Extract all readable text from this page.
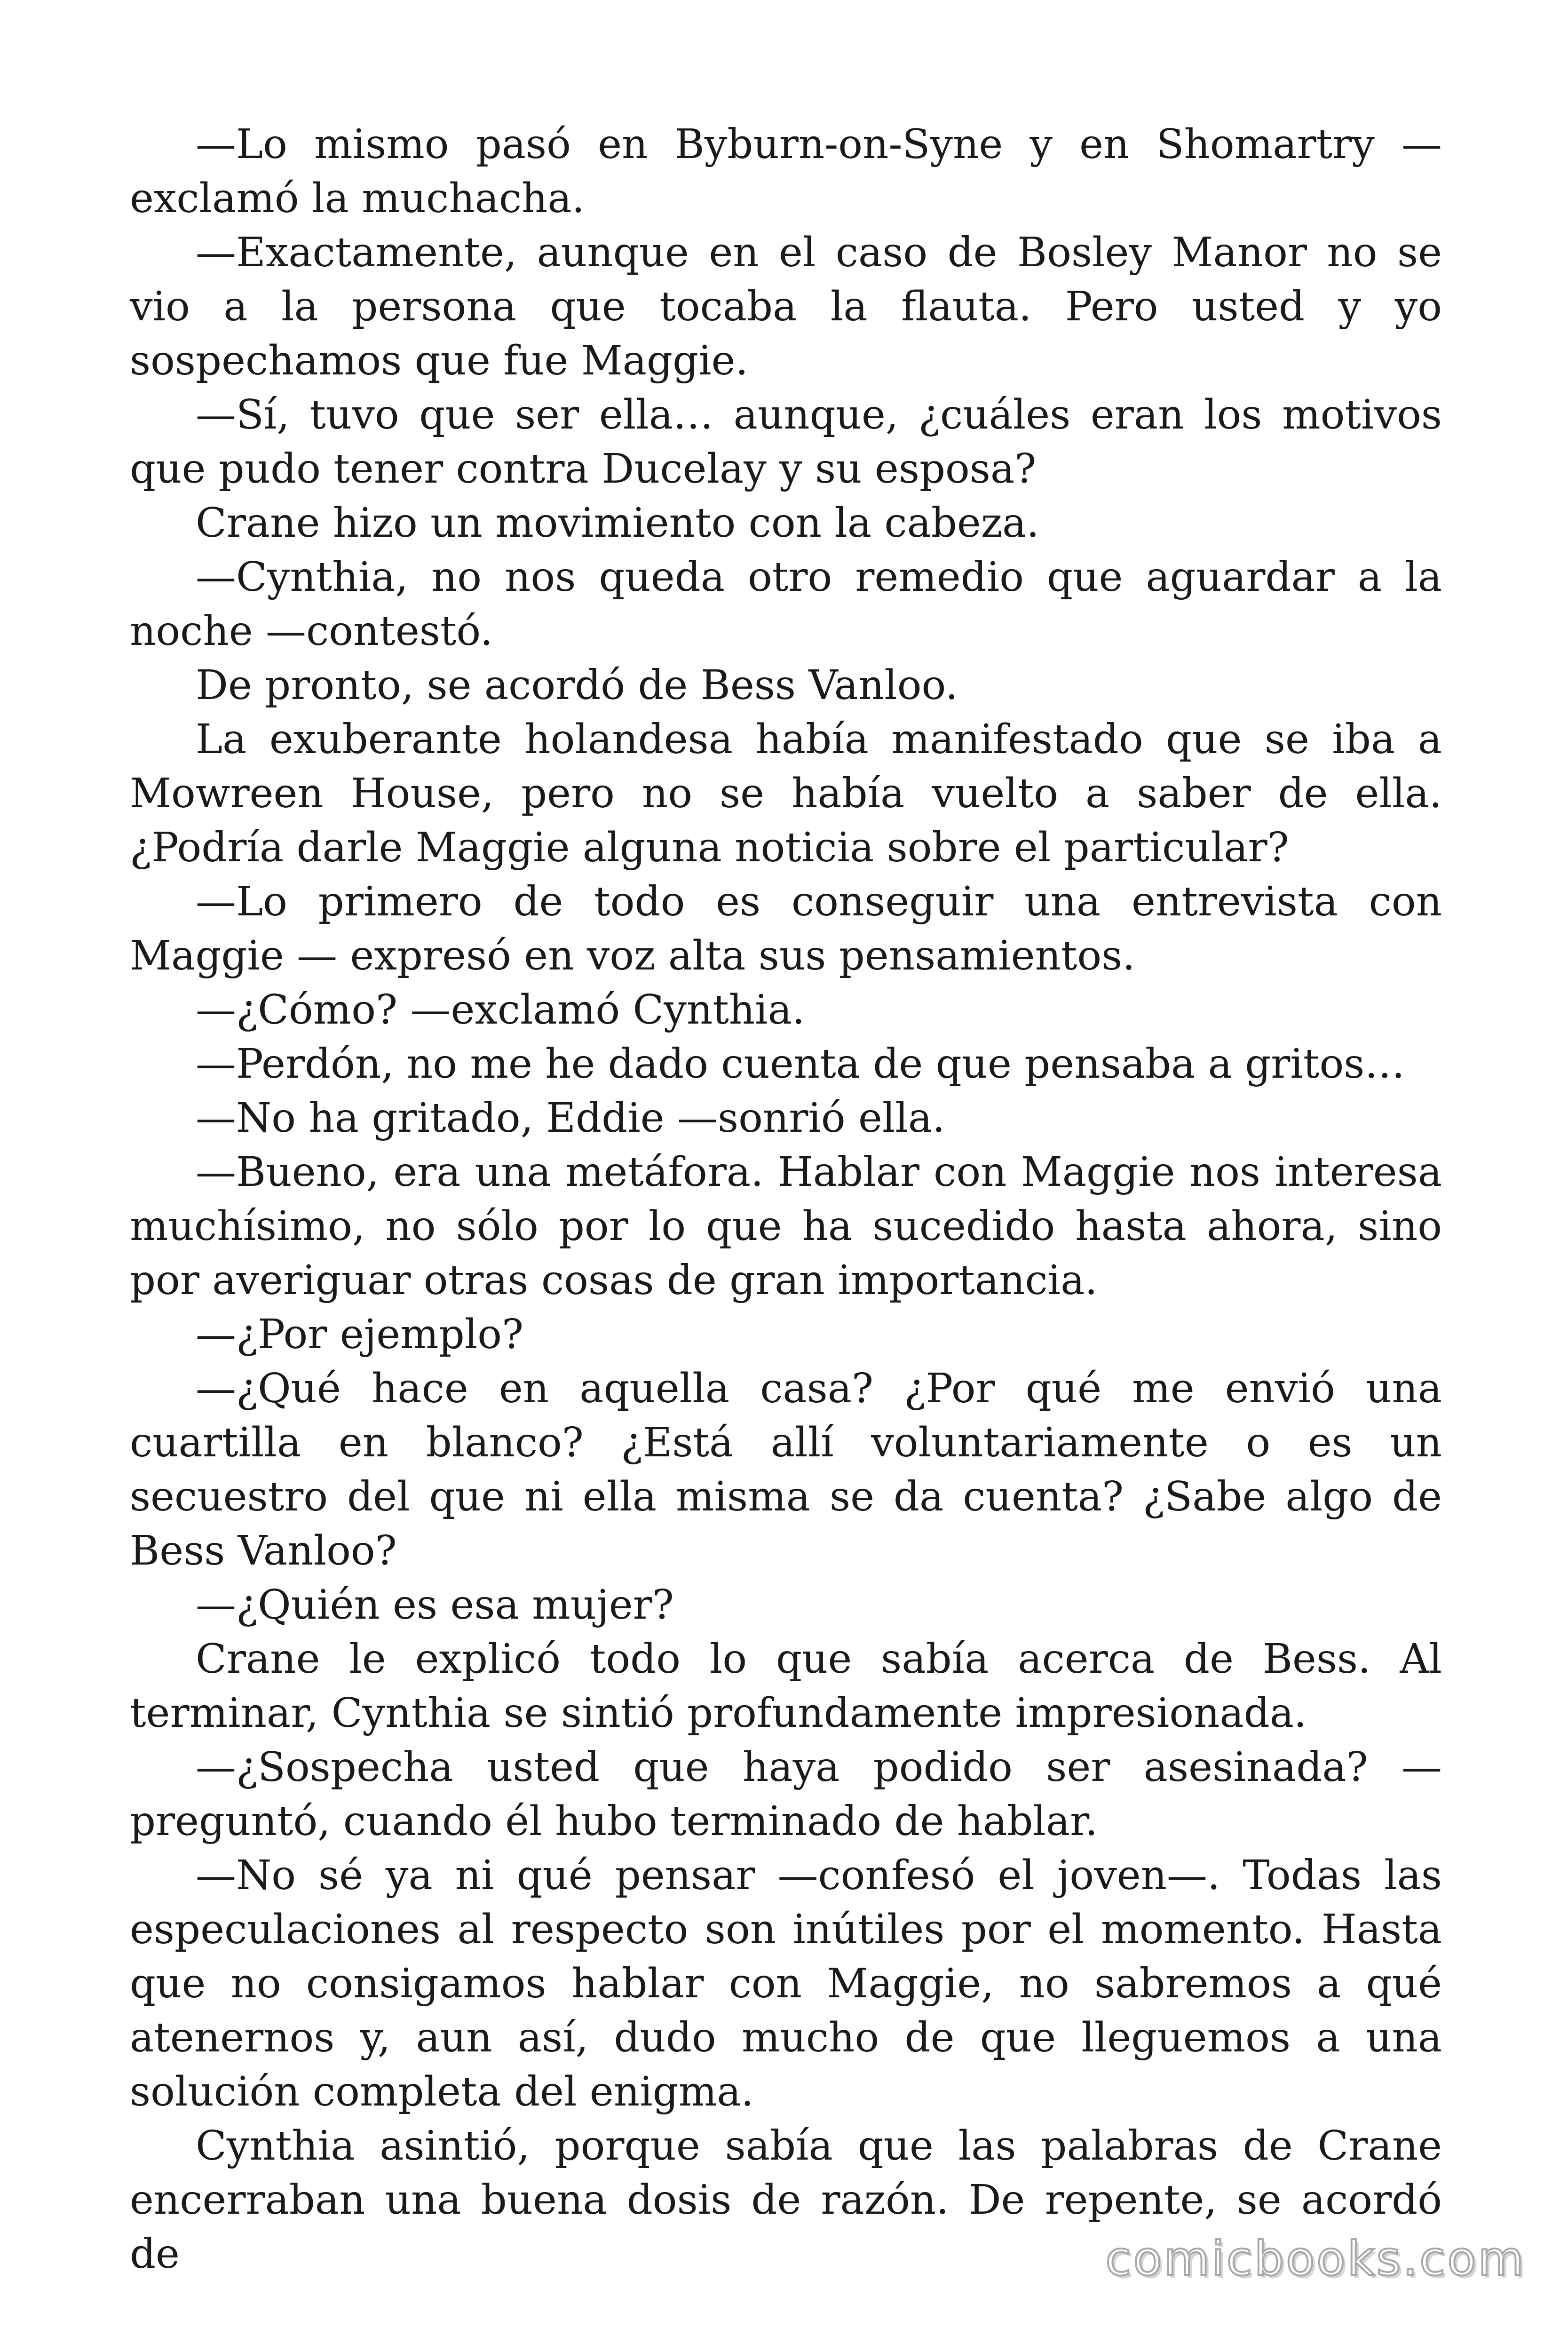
—Lo mismo pasó en Byburn-on-Syne y en Shomartry —exclamó la muchacha.

—Exactamente, aunque en el caso de Bosley Manor no se vio a la persona que tocaba la flauta. Pero usted y yo sospechamos que fue Maggie.

—Sí, tuvo que ser ella… aunque, ¿cuáles eran los motivos que pudo tener contra Ducelay y su esposa?

Crane hizo un movimiento con la cabeza.

—Cynthia, no nos queda otro remedio que aguardar a la noche —contestó.

De pronto, se acordó de Bess Vanloo.

La exuberante holandesa había manifestado que se iba a Mowreen House, pero no se había vuelto a saber de ella. ¿Podría darle Maggie alguna noticia sobre el particular?

—Lo primero de todo es conseguir una entrevista con Maggie — expresó en voz alta sus pensamientos.

—¿Cómo? —exclamó Cynthia.

—Perdón, no me he dado cuenta de que pensaba a gritos…

—No ha gritado, Eddie —sonrió ella.

—Bueno, era una metáfora. Hablar con Maggie nos interesa muchísimo, no sólo por lo que ha sucedido hasta ahora, sino por averiguar otras cosas de gran importancia.

—¿Por ejemplo?

—¿Qué hace en aquella casa? ¿Por qué me envió una cuartilla en blanco? ¿Está allí voluntariamente o es un secuestro del que ni ella misma se da cuenta? ¿Sabe algo de Bess Vanloo?

—¿Quién es esa mujer?

Crane le explicó todo lo que sabía acerca de Bess. Al terminar, Cynthia se sintió profundamente impresionada.

—¿Sospecha usted que haya podido ser asesinada? —preguntó, cuando él hubo terminado de hablar.

—No sé ya ni qué pensar —confesó el joven—. Todas las especulaciones al respecto son inútiles por el momento. Hasta que no consigamos hablar con Maggie, no sabremos a qué atenernos y, aun así, dudo mucho de que lleguemos a una solución completa del enigma.

Cynthia asintió, porque sabía que las palabras de Crane encerraban una buena dosis de razón. De repente, se acordó de	comicbooks.com
